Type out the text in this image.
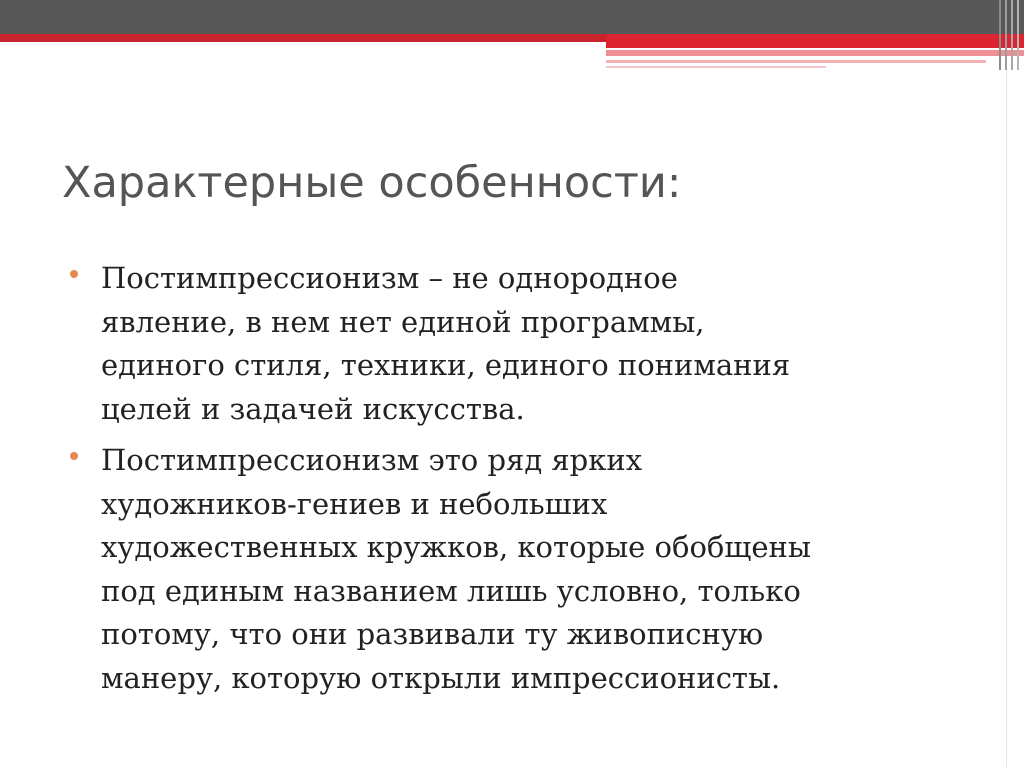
Характерные особенности:
Постимпрессионизм – не однородное
явление, в нем нет единой программы,
единого стиля, техники, единого понимания
целей и задачей искусства.
Постимпрессионизм это ряд ярких
художников-гениев и небольших
художественных кружков, которые обобщены
под единым названием лишь условно, только
потому, что они развивали ту живописную
манеру, которую открыли импрессионисты.
